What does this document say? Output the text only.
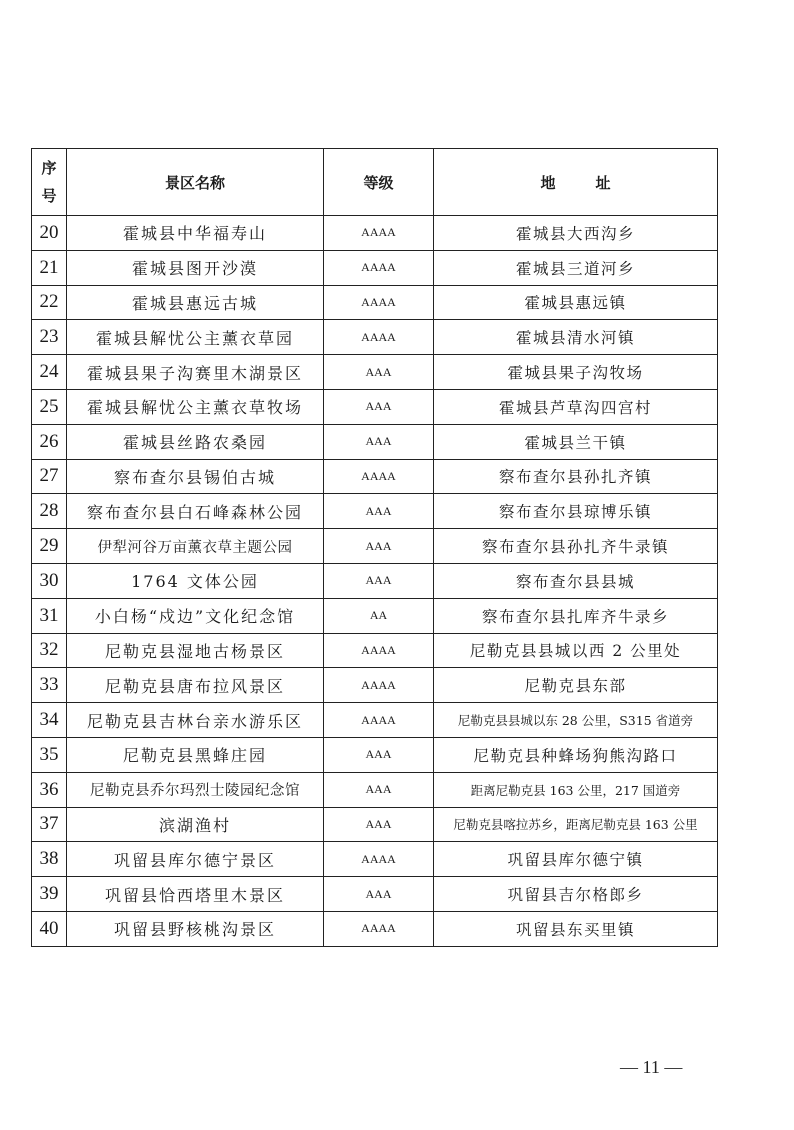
序
号	景区名称	等级	地 址
20	霍城县中华福寿山	AAAA	霍城县大西沟乡
21	霍城县图开沙漠	AAAA	霍城县三道河乡
22	霍城县惠远古城	AAAA	霍城县惠远镇
23	霍城县解忧公主薰衣草园	AAAA	霍城县清水河镇
24	霍城县果子沟赛里木湖景区	AAA	霍城县果子沟牧场
25	霍城县解忧公主薰衣草牧场	AAA	霍城县芦草沟四宫村
26	霍城县丝路农桑园	AAA	霍城县兰干镇
27	察布查尔县锡伯古城	AAAA	察布查尔县孙扎齐镇
28	察布查尔县白石峰森林公园	AAA	察布查尔县琼博乐镇
29	伊犁河谷万亩薰衣草主题公园	AAA	察布查尔县孙扎齐牛录镇
30	1764 文体公园	AAA	察布查尔县县城
31	小白杨“戍边”文化纪念馆	AA	察布查尔县扎库齐牛录乡
32	尼勒克县湿地古杨景区	AAAA	尼勒克县县城以西 2 公里处
33	尼勒克县唐布拉风景区	AAAA	尼勒克县东部
34	尼勒克县吉林台亲水游乐区	AAAA	尼勒克县县城以东 28 公里，S315 省道旁
35	尼勒克县黑蜂庄园	AAA	尼勒克县种蜂场狗熊沟路口
36	尼勒克县乔尔玛烈士陵园纪念馆	AAA	距离尼勒克县 163 公里，217 国道旁
37	滨湖渔村	AAA	尼勒克县喀拉苏乡，距离尼勒克县 163 公里
38	巩留县库尔德宁景区	AAAA	巩留县库尔德宁镇
39	巩留县恰西塔里木景区	AAA	巩留县吉尔格郎乡
40	巩留县野核桃沟景区	AAAA	巩留县东买里镇
— 11 —
